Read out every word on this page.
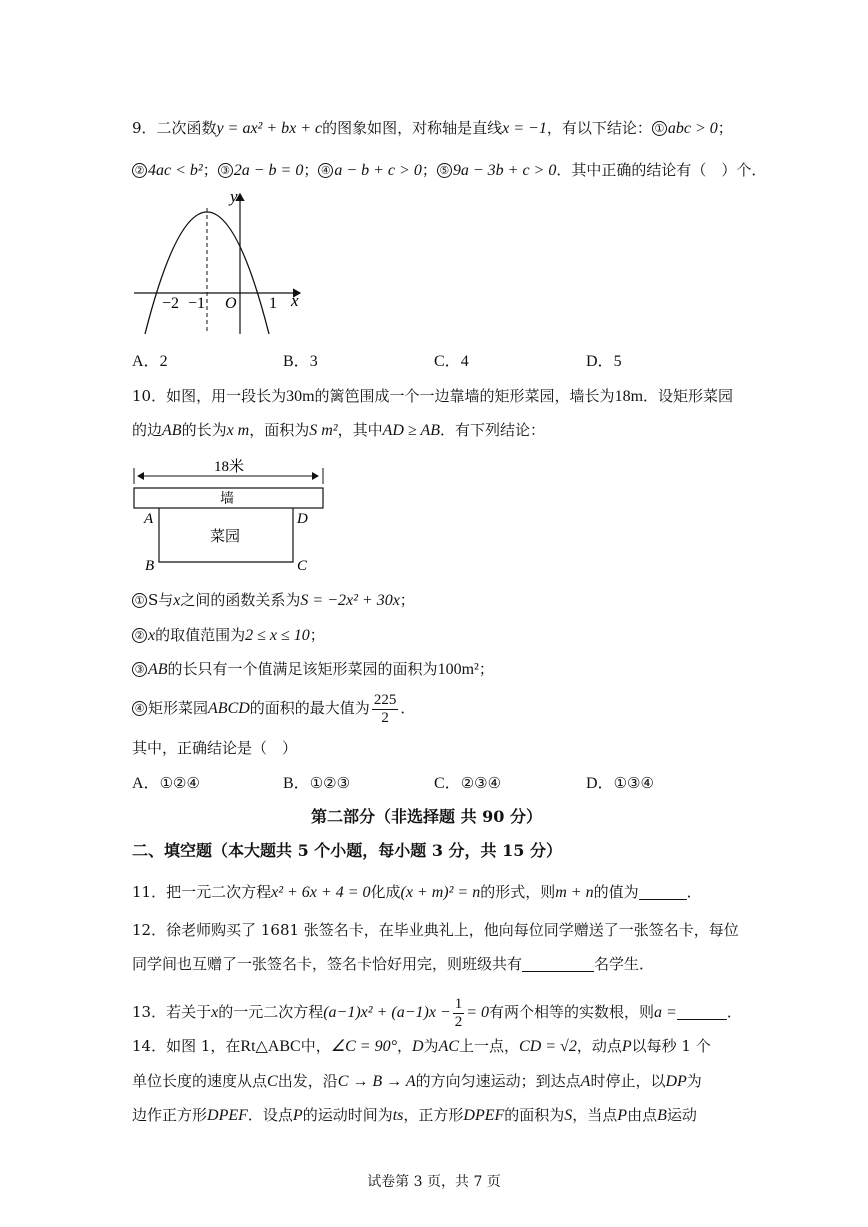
9．二次函数y = ax² + bx + c的图象如图，对称轴是直线x = −1，有以下结论： ① abc > 0；
② 4ac < b²； ③ 2a − b = 0； ④ a − b + c > 0； ⑤ 9a − 3b + c > 0．其中正确的结论有（　）个．
y
x
O
−2 −1	1
A．2	B．3	C．4	D．5
10．如图，用一段长为30m的篱笆围成一个一边靠墙的矩形菜园，墙长为18m．设矩形菜园
的边AB的长为x m，面积为S m²，其中AD ≥ AB．有下列结论：
18米
墙
菜园
A	D
B	C
① S与x之间的函数关系为S = −2x² + 30x；
② x的取值范围为2 ≤ x ≤ 10；
③ AB的长只有一个值满足该矩形菜园的面积为100m²；
④ 矩形菜园ABCD的面积的最大值为 $\frac{225}{2}$ ．
其中，正确结论是（　）
A．①②④	B．①②③	C．②③④	D．①③④
第二部分（非选择题 共 90 分）
二、填空题（本大题共 5 个小题，每小题 3 分，共 15 分）
11．把一元二次方程x² + 6x + 4 = 0化成(x + m)² = n的形式，则m + n的值为	．
12．徐老师购买了 1681 张签名卡，在毕业典礼上，他向每位同学赠送了一张签名卡，每位
同学间也互赠了一张签名卡，签名卡恰好用完，则班级共有	名学生．
13．若关于x的一元二次方程$(a-1)x^2 + (a-1)x - \frac{1}{2} = 0$有两个相等的实数根，则a =	．
14．如图 1，在Rt△ABC中，∠C = 90°，D为AC上一点，CD = √2，动点P以每秒 1 个
单位长度的速度从点C出发，沿C → B → A的方向匀速运动；到达点A时停止，以DP为
边作正方形DPEF．设点P的运动时间为ts，正方形DPEF的面积为S，当点P由点B运动
试卷第 3 页，共 7 页
